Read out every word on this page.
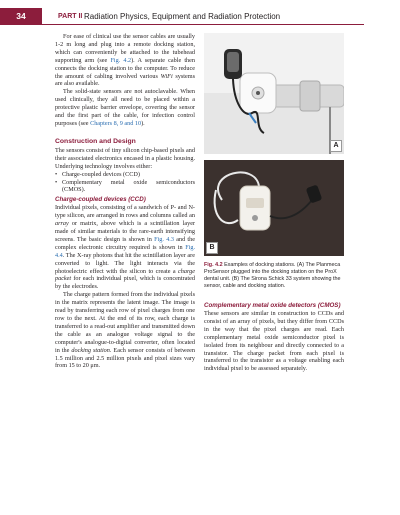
34	PART II Radiation Physics, Equipment and Radiation Protection

For ease of clinical use the sensor cables are usually 1-2 m long and plug into a remote docking station, which can conveniently be attached to the tubehead supporting arm (see Fig. 4.2). A separate cable then connects the docking station to the computer. To reduce the amount of cabling involved various WiFi systems are also available.

The solid-state sensors are not autoclavable. When used clinically, they all need to be placed within a protective plastic barrier envelope, covering the sensor and the first part of the cable, for infection control purposes (see Chapters 8, 9 and 10).

Construction and Design

The sensors consist of tiny silicon chip-based pixels and their associated electronics encased in a plastic housing. Underlying technology involves either:

• Charge-coupled devices (CCD)

• Complementary metal oxide semiconductors (CMOS).

Charge-coupled devices (CCD)

Individual pixels, consisting of a sandwich of P- and N-type silicon, are arranged in rows and columns called an array or matrix, above which is a scintillation layer made of similar materials to the rare-earth intensifying screens. The basic design is shown in Fig. 4.3 and the complex electronic circuitry required is shown in Fig. 4.4. The X-ray photons that hit the scintillation layer are converted to light. The light interacts via the photoelectric effect with the silicon to create a charge packet for each individual pixel, which is concentrated by the electrodes.

The charge pattern formed from the individual pixels in the matrix represents the latent image. The image is read by transferring each row of pixel charges from one row to the next. At the end of its row, each charge is transferred to a read-out amplifier and transmitted down the cable as an analogue voltage signal to the computer's analogue-to-digital converter, often located in the docking station. Each sensor consists of between 1.5 million and 2.5 million pixels and pixel sizes vary from 15 to 20 μm.

A
B
Fig. 4.2 Examples of docking stations. (A) The Planmeca ProSensor plugged into the docking station on the ProX dental unit. (B) The Sirona Schick 33 system showing the sensor, cable and docking station.
Complementary metal oxide detectors (CMOS)

These sensors are similar in construction to CCDs and consist of an array of pixels, but they differ from CCDs in the way that the pixel charges are read. Each complementary metal oxide semiconductor pixel is isolated from its neighbour and directly connected to a transistor. The charge packet from each pixel is transferred to the transistor as a voltage enabling each individual pixel to be assessed separately.
